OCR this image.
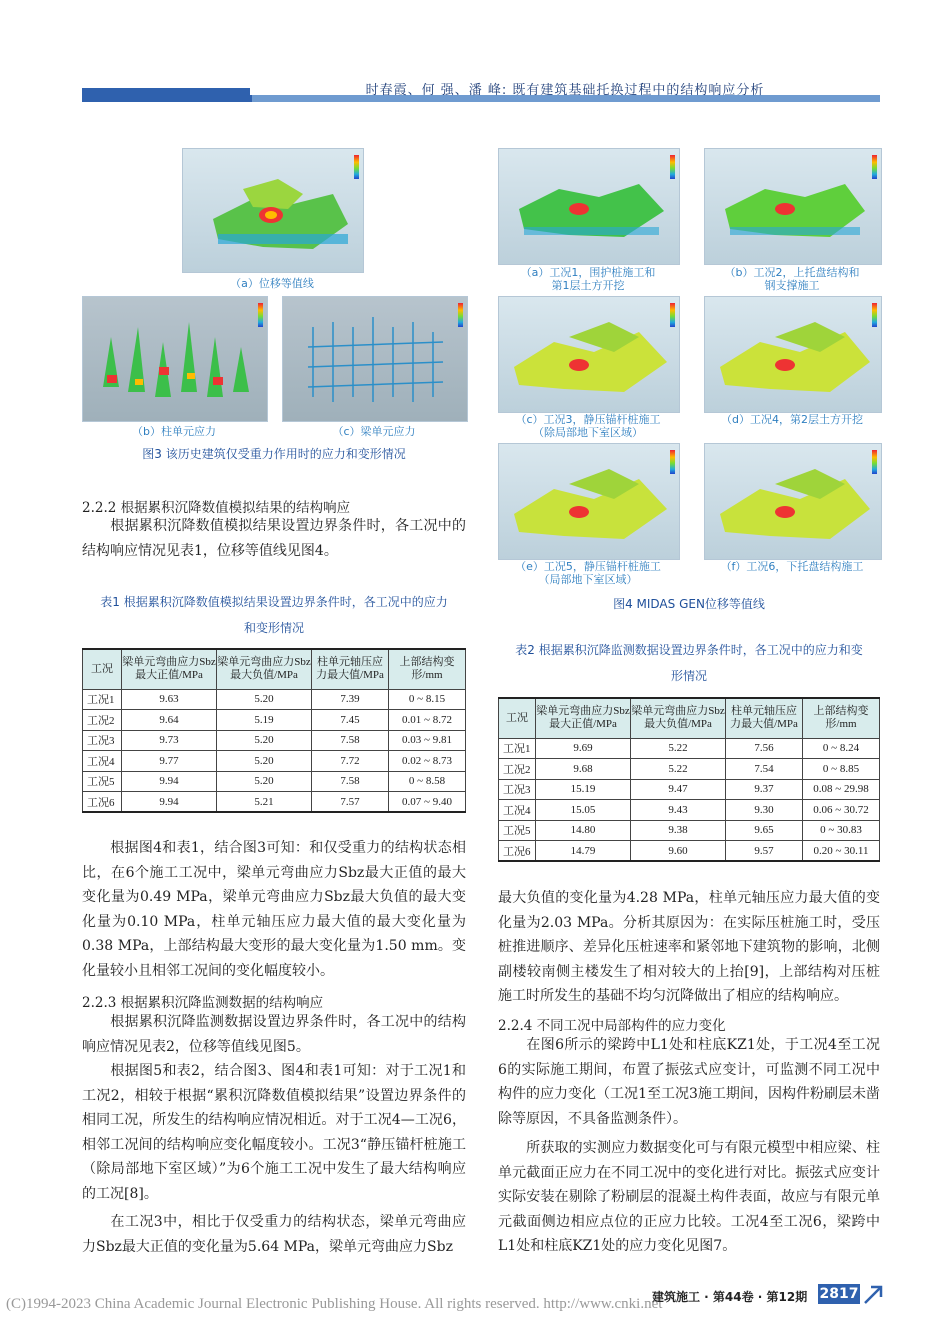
时春霞、何 强、潘 峰: 既有建筑基础托换过程中的结构响应分析
（a）位移等值线
（b）柱单元应力	（c）梁单元应力
图3 该历史建筑仅受重力作用时的应力和变形情况
（a）工况1，围护桩施工和
第1层土方开挖
（b）工况2，上托盘结构和
钢支撑施工
（c）工况3，静压锚杆桩施工
（除局部地下室区域）
（d）工况4，第2层土方开挖
（e）工况5，静压锚杆桩施工
（局部地下室区域）
（f）工况6，下托盘结构施工
图4 MIDAS GEN位移等值线
2.2.2 根据累积沉降数值模拟结果的结构响应
根据累积沉降数值模拟结果设置边界条件时，各工况中的结构响应情况见表1，位移等值线见图4。
表1 根据累积沉降数值模拟结果设置边界条件时，各工况中的应力
和变形情况
工况	梁单元弯曲应力Sbz最大正值/MPa	梁单元弯曲应力Sbz最大负值/MPa	柱单元轴压应力最大值/MPa	上部结构变形/mm
工况1	9.63	5.20	7.39	0 ~ 8.15
工况2	9.64	5.19	7.45	0.01 ~ 8.72
工况3	9.73	5.20	7.58	0.03 ~ 9.81
工况4	9.77	5.20	7.72	0.02 ~ 8.73
工况5	9.94	5.20	7.58	0 ~ 8.58
工况6	9.94	5.21	7.57	0.07 ~ 9.40
根据图4和表1，结合图3可知：和仅受重力的结构状态相比，在6个施工工况中，梁单元弯曲应力Sbz最大正值的最大变化量为0.49 MPa，梁单元弯曲应力Sbz最大负值的最大变化量为0.10 MPa，柱单元轴压应力最大值的最大变化量为0.38 MPa，上部结构最大变形的最大变化量为1.50 mm。变化量较小且相邻工况间的变化幅度较小。
2.2.3 根据累积沉降监测数据的结构响应
根据累积沉降监测数据设置边界条件时，各工况中的结构响应情况见表2，位移等值线见图5。
根据图5和表2，结合图3、图4和表1可知：对于工况1和工况2，相较于根据“累积沉降数值模拟结果”设置边界条件的相同工况，所发生的结构响应情况相近。对于工况4—工况6，相邻工况间的结构响应变化幅度较小。工况3“静压锚杆桩施工（除局部地下室区域）”为6个施工工况中发生了最大结构响应的工况[8]。
在工况3中，相比于仅受重力的结构状态，梁单元弯曲应力Sbz最大正值的变化量为5.64 MPa，梁单元弯曲应力Sbz
表2 根据累积沉降监测数据设置边界条件时，各工况中的应力和变
形情况
工况	梁单元弯曲应力Sbz最大正值/MPa	梁单元弯曲应力Sbz最大负值/MPa	柱单元轴压应力最大值/MPa	上部结构变形/mm
工况1	9.69	5.22	7.56	0 ~ 8.24
工况2	9.68	5.22	7.54	0 ~ 8.85
工况3	15.19	9.47	9.37	0.08 ~ 29.98
工况4	15.05	9.43	9.30	0.06 ~ 30.72
工况5	14.80	9.38	9.65	0 ~ 30.83
工况6	14.79	9.60	9.57	0.20 ~ 30.11
最大负值的变化量为4.28 MPa，柱单元轴压应力最大值的变化量为2.03 MPa。分析其原因为：在实际压桩施工时，受压桩推进顺序、差异化压桩速率和紧邻地下建筑物的影响，北侧副楼较南侧主楼发生了相对较大的上抬[9]，上部结构对压桩施工时所发生的基础不均匀沉降做出了相应的结构响应。
2.2.4 不同工况中局部构件的应力变化
在图6所示的梁跨中L1处和柱底KZ1处，于工况4至工况6的实际施工期间，布置了振弦式应变计，可监测不同工况中构件的应力变化（工况1至工况3施工期间，因构件粉刷层未凿除等原因，不具备监测条件）。
所获取的实测应力数据变化可与有限元模型中相应梁、柱单元截面正应力在不同工况中的变化进行对比。振弦式应变计实际安装在剔除了粉刷层的混凝土构件表面，故应与有限元单元截面侧边相应点位的正应力比较。工况4至工况6，梁跨中L1处和柱底KZ1处的应力变化见图7。
(C)1994-2023 China Academic Journal Electronic Publishing House. All rights reserved. http://www.cnki.net
建筑施工 · 第44卷 · 第12期 2817
